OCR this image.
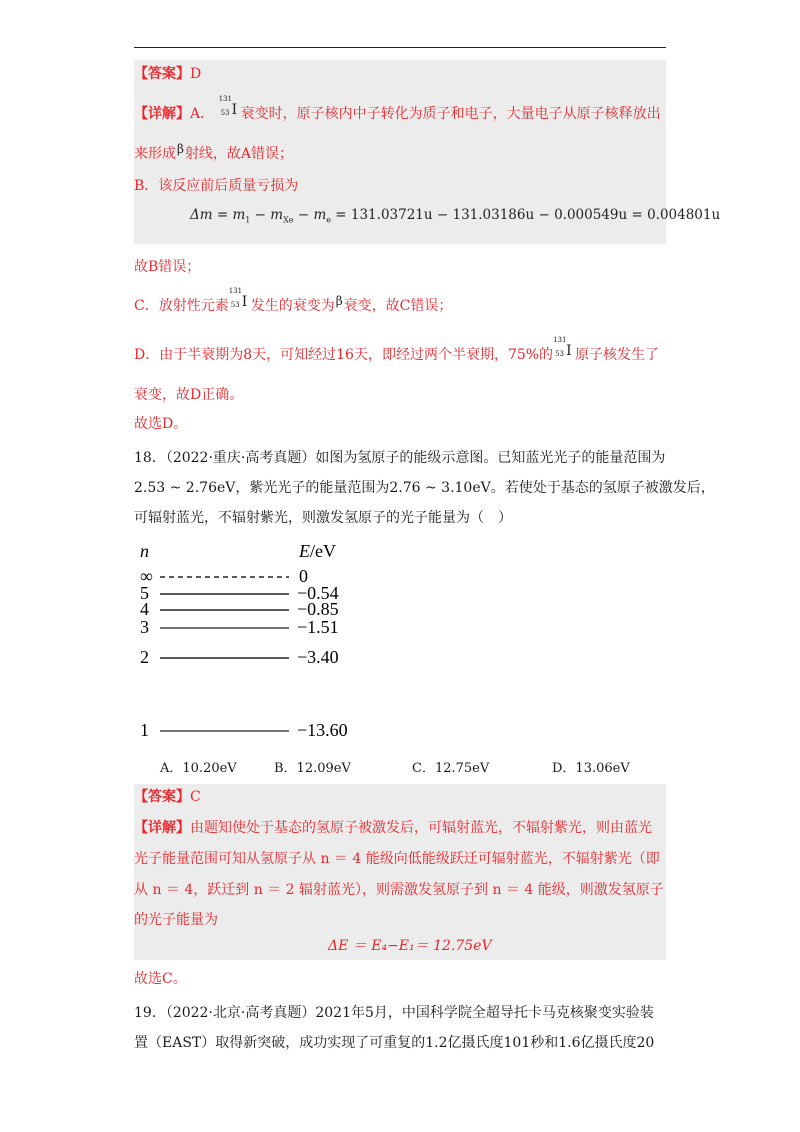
【答案】D
【详解】A．
131
53 I 衰变时，原子核内中子转化为质子和电子，大量电子从原子核释放出
来形成β射线，故A错误；
B．该反应前后质量亏损为
$\Delta m = m_1 - m_{Xe} - m_e = 131.03721u - 131.03186u - 0.000549u = 0.004801u$
故B错误；
C．放射性元素
131
53 I 发生的衰变为β衰变，故C错误；
D．由于半衰期为8天，可知经过16天，即经过两个半衰期，75%的
131
53 I 原子核发生了
衰变，故D正确。
故选D。
18．（2022·重庆·高考真题）如图为氢原子的能级示意图。已知蓝光光子的能量范围为
2.53 ~ 2.76eV，紫光光子的能量范围为2.76 ~ 3.10eV。若使处于基态的氢原子被激发后，
可辐射蓝光，不辐射紫光，则激发氢原子的光子能量为（　）
n	E/eV
∞	0
5	−0.54
4	−0.85
3	−1.51
2	−3.40
1	−13.60
A．10.20eV	B．12.09eV	C．12.75eV	D．13.06eV
【答案】C
【详解】由题知使处于基态的氢原子被激发后，可辐射蓝光，不辐射紫光，则由蓝光
光子能量范围可知从氢原子从 n ＝ 4 能级向低能级跃迁可辐射蓝光，不辐射紫光（即
从 n ＝ 4，跃迁到 n ＝ 2 辐射蓝光），则需激发氢原子到 n ＝ 4 能级，则激发氢原子
的光子能量为
ΔE ＝ E₄−E₁＝ 12.75eV
故选C。
19．（2022·北京·高考真题）2021年5月，中国科学院全超导托卡马克核聚变实验装
置（EAST）取得新突破，成功实现了可重复的1.2亿摄氏度101秒和1.6亿摄氏度20
